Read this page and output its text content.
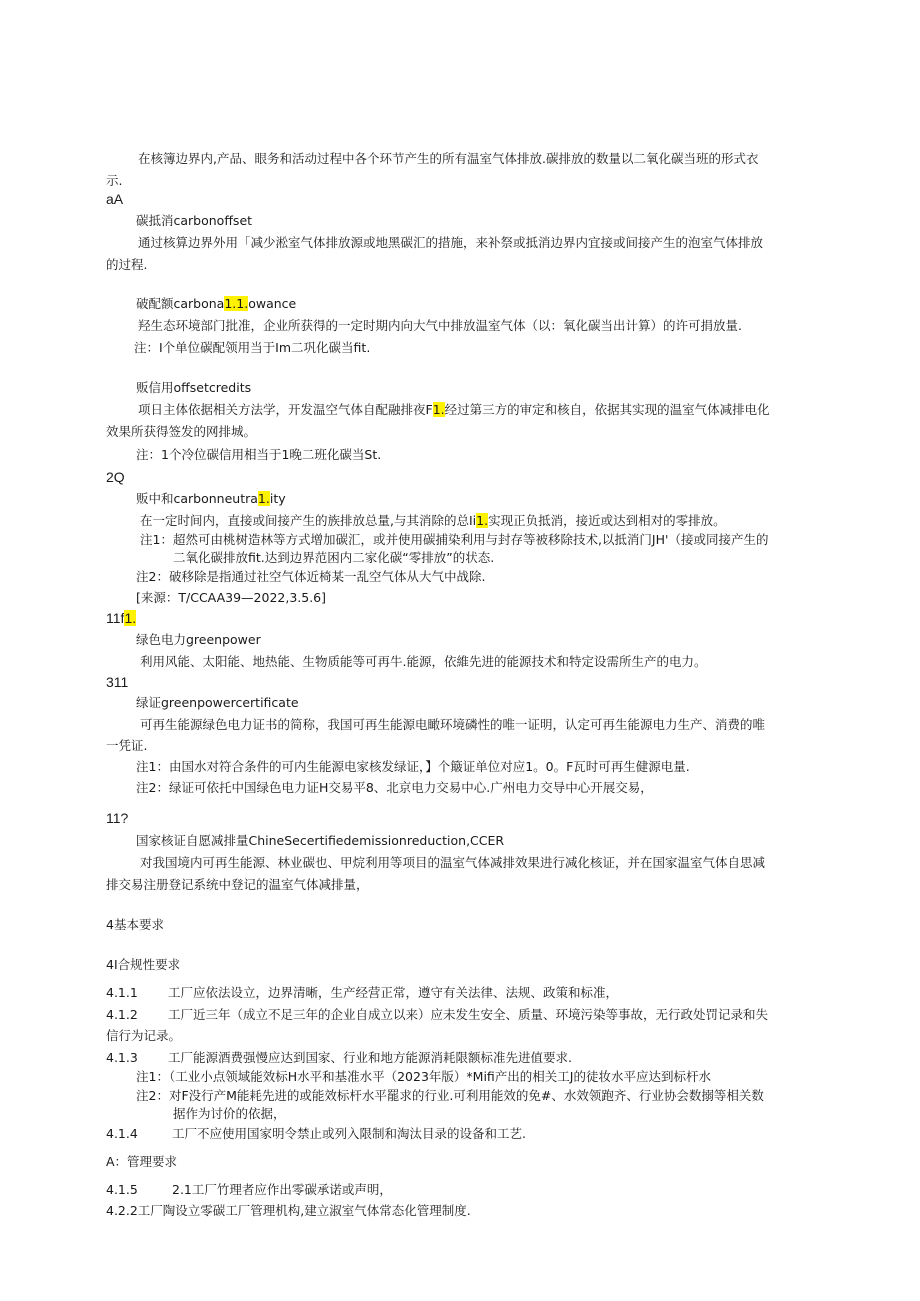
在核簿边界内,产品、眼务和活动过程中各个环节产生的所有温室气体排放.碳排放的数量以二氧化碳当班的形式衣
示.
aA
碳抵消carbonoffset
通过核算边界外用「减少淞室气体排放源或地黑碳汇的措施，来补祭或抵消边界内宜接或间接产生的泡室气体排放
的过程.
破配额carbona1.1.owance
羟生态环境部门批准，企业所获得的一定时期内向大气中排放温室气体（以：氧化碳当出计算）的许可捐放量.
注：I个单位碳配领用当于Im二巩化碳当fit.
贩信用offsetcredits
项日主体依据相关方法学，开发温空气体自配融排夜F1.经过第三方的审定和核自，依据其实现的温室气体减排电化
效果所获得签发的网排城。
注：1个冷位碳信用相当于1晚二班化碳当St.
2Q
贩中和carbonneutra1.ity
在一定时间内，直接或间接产生的族排放总量,与其消除的总Ii1.实现正负抵消，接近或达到相对的零排放。
注1：超然可由桃树造林等方式增加碳汇，或并使用碳捕染利用与封存等被移除技术,以抵消门JH'（接或同接产生的
二氧化碳排放fit.达到边界范困内二家化碳“零排放”的状态.
注2：破移除是指通过社空气体近椅某一乱空气体从大气中战除.
[来源：T/CCAA39—2022,3.5.6]
11f1.
绿色电力greenpower
利用风能、太阳能、地热能、生物质能等可再牛.能源，依維先进的能源技术和特定设需所生产的电力。
311
绿证greenpowercertificate
可再生能源绿色电力证书的简称，我国可再生能源电瞰环境磷性的唯一证明，认定可再生能源电力生产、消费的唯
一凭证.
注1：由国水对符合条件的可内生能源电家核发绿证，】个簸证单位对应1。0。F瓦时可再生健源电量.
注2：绿证可依托中国绿色电力证H交易平8、北京电力交易中心.广州电力交导中心开展交易，
11?
国家核证自愿减排量ChineSecertifiedemissionreduction,CCER
对我国境内可再生能源、林业碳也、甲烷利用等项目的温室气体减排效果进行减化核证，并在国家温室气体自思减
排交易注册登记系统中登记的温室气体减排量，
4基本要求
4I合规性要求
4.1.1 工厂应依法设立，边界清晰，生产经营正常，遵守有关法律、法规、政策和标准，
4.1.2 工厂近三年（成立不足三年的企业自成立以来）应未发生安全、质量、环境污染等事故，无行政处罚记录和失
信行为记录。
4.1.3 工厂能源酒费强慢应达到国家、行业和地方能源消耗限额标准先进值要求.
注1：（工业小点领域能效标H水平和基准水平（2023年版）*Mifi产出的相关工J的徒妆水平应达到标杆水
注2：对F没行产M能耗先进的或能效标杆水平罷求的行业.可利用能效的免#、水效领跑齐、行业协会数搦等相关数
据作为讨价的依据，
4.1.4	工厂不应使用国家明令禁止或列入限制和淘汰目录的设备和工艺.
A：管理要求
4.1.5	2.1工厂竹理者应作出零碳承诺或声明，
4.2.2工厂陶设立零碳工厂管理机构,建立淑室气体常态化管理制度.
